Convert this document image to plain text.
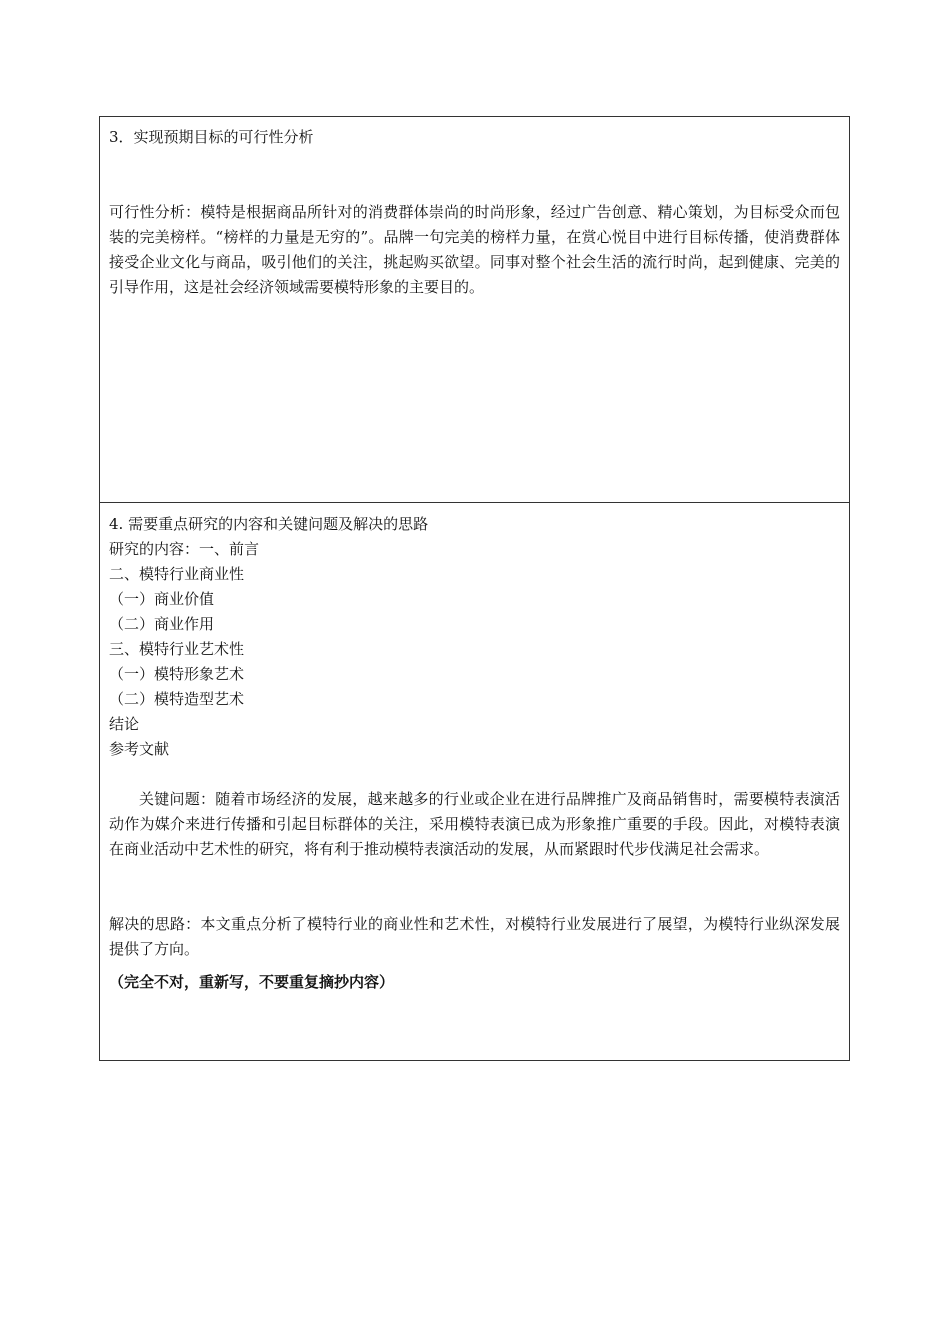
3．实现预期目标的可行性分析

可行性分析：模特是根据商品所针对的消费群体崇尚的时尚形象，经过广告创意、精心策划，为目标受众而包装的完美榜样。“榜样的力量是无穷的”。品牌一句完美的榜样力量，在赏心悦目中进行目标传播，使消费群体接受企业文化与商品，吸引他们的关注，挑起购买欲望。同事对整个社会生活的流行时尚，起到健康、完美的引导作用，这是社会经济领域需要模特形象的主要目的。

4. 需要重点研究的内容和关键问题及解决的思路

研究的内容：一、前言

二、模特行业商业性

（一）商业价值

（二）商业作用

三、模特行业艺术性

（一）模特形象艺术

（二）模特造型艺术

结论

参考文献

关键问题：随着市场经济的发展，越来越多的行业或企业在进行品牌推广及商品销售时，需要模特表演活动作为媒介来进行传播和引起目标群体的关注，采用模特表演已成为形象推广重要的手段。因此，对模特表演在商业活动中艺术性的研究，将有利于推动模特表演活动的发展，从而紧跟时代步伐满足社会需求。

解决的思路：本文重点分析了模特行业的商业性和艺术性，对模特行业发展进行了展望，为模特行业纵深发展提供了方向。

（完全不对，重新写，不要重复摘抄内容）
